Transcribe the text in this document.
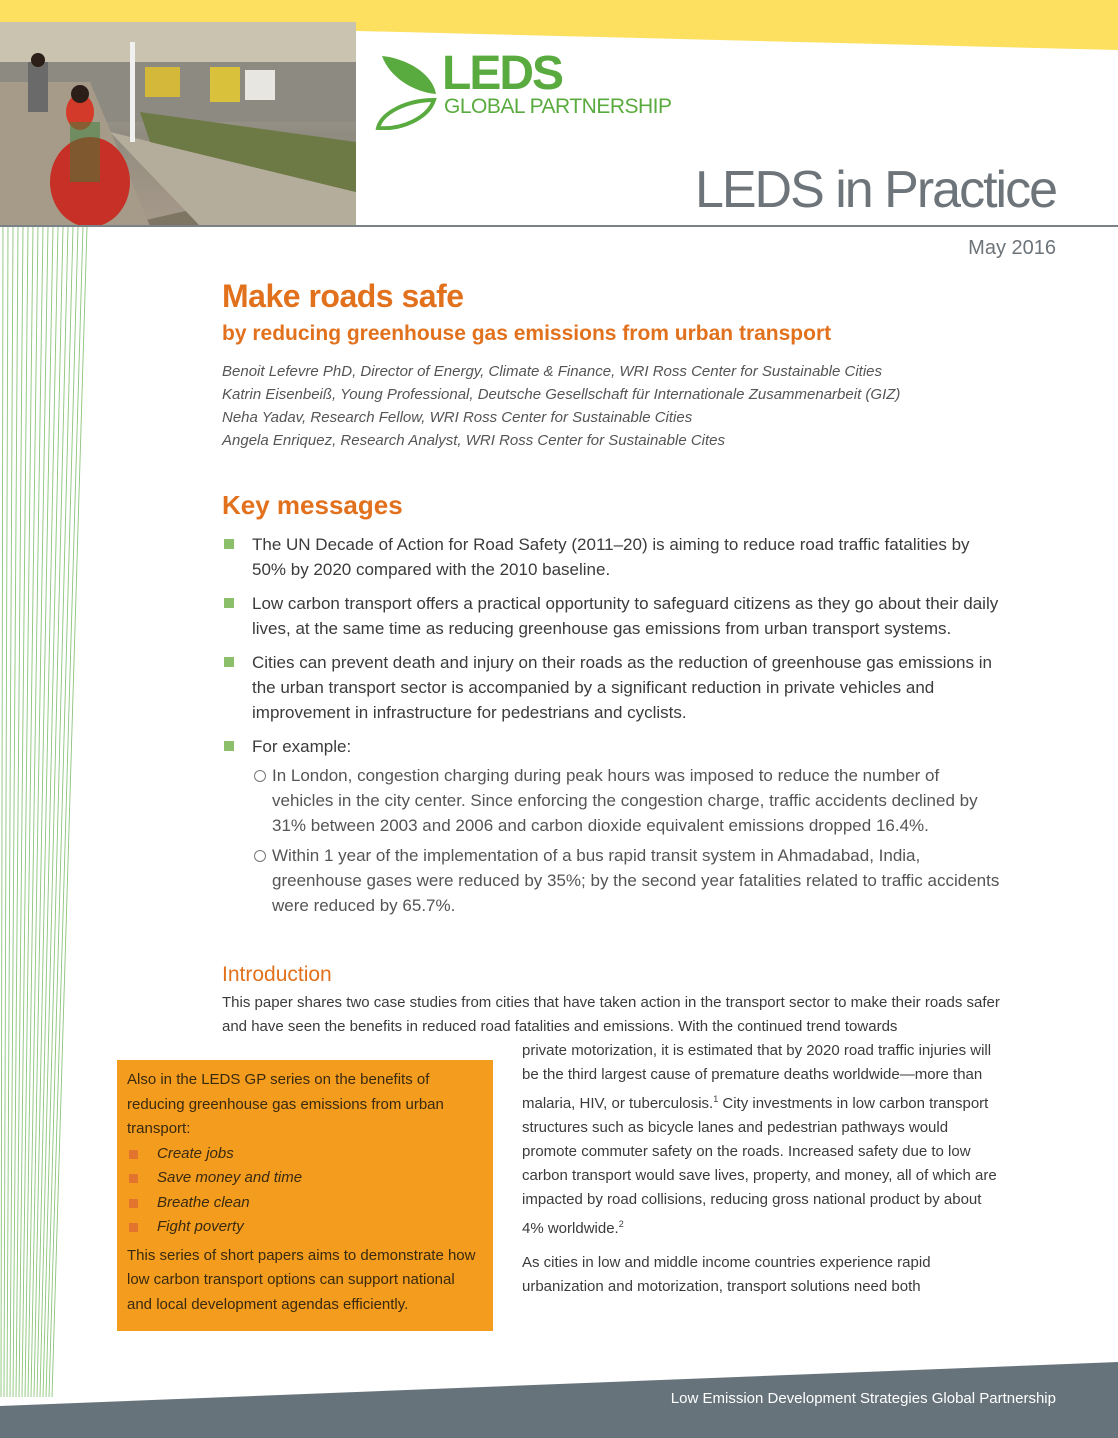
LEDS
GLOBAL PARTNERSHIP
LEDS in Practice
May 2016
Make roads safe
by reducing greenhouse gas emissions from urban transport
Benoit Lefevre PhD, Director of Energy, Climate & Finance, WRI Ross Center for Sustainable Cities
Katrin Eisenbeiß, Young Professional, Deutsche Gesellschaft für Internationale Zusammenarbeit (GIZ)
Neha Yadav, Research Fellow, WRI Ross Center for Sustainable Cities
Angela Enriquez, Research Analyst, WRI Ross Center for Sustainable Cites
Key messages
The UN Decade of Action for Road Safety (2011–20) is aiming to reduce road traffic fatalities by 50% by 2020 compared with the 2010 baseline.
Low carbon transport offers a practical opportunity to safeguard citizens as they go about their daily lives, at the same time as reducing greenhouse gas emissions from urban transport systems.
Cities can prevent death and injury on their roads as the reduction of greenhouse gas emissions in the urban transport sector is accompanied by a significant reduction in private vehicles and improvement in infrastructure for pedestrians and cyclists.
For example:
In London, congestion charging during peak hours was imposed to reduce the number of vehicles in the city center. Since enforcing the congestion charge, traffic accidents declined by 31% between 2003 and 2006 and carbon dioxide equivalent emissions dropped 16.4%.
Within 1 year of the implementation of a bus rapid transit system in Ahmadabad, India, greenhouse gases were reduced by 35%; by the second year fatalities related to traffic accidents were reduced by 65.7%.
Introduction
This paper shares two case studies from cities that have taken action in the transport sector to make their roads safer and have seen the benefits in reduced road fatalities and emissions. With the continued trend towards

private motorization, it is estimated that by 2020 road traffic injuries will be the third largest cause of premature deaths worldwide—more than malaria, HIV, or tuberculosis.$^1$ City investments in low carbon transport structures such as bicycle lanes and pedestrian pathways would promote commuter safety on the roads. Increased safety due to low carbon transport would save lives, property, and money, all of which are impacted by road collisions, reducing gross national product by about 4% worldwide.$^2$

As cities in low and middle income countries experience rapid urbanization and motorization, transport solutions need both

Also in the LEDS GP series on the benefits of reducing greenhouse gas emissions from urban transport:
Create jobs
Save money and time
Breathe clean
Fight poverty
This series of short papers aims to demonstrate how low carbon transport options can support national and local development agendas efficiently.
Low Emission Development Strategies Global Partnership
